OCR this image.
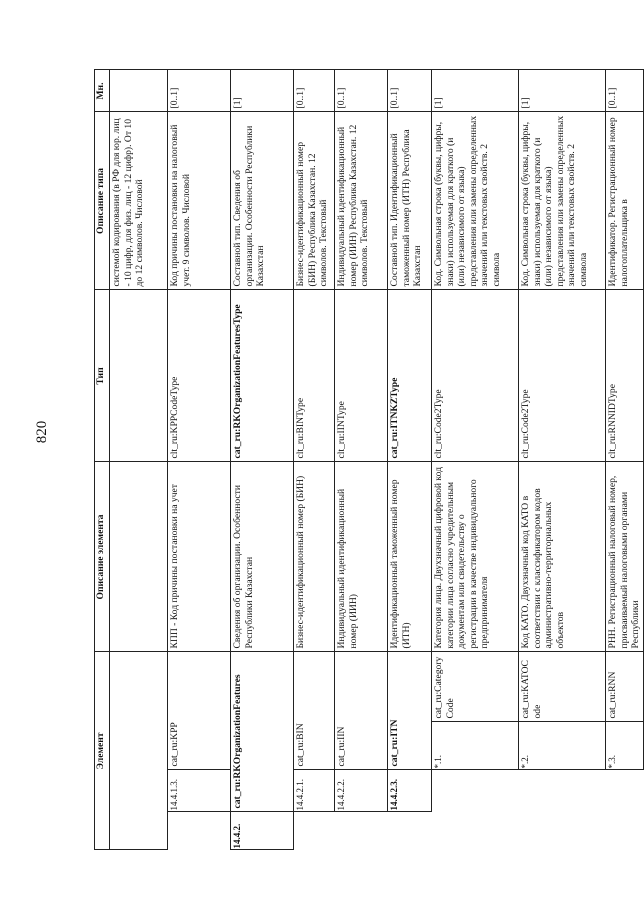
820
	Элемент				Описание элемента	Тип	Описание типа	Мн.
							системой кодирования (в РФ для юр. лиц - 10 цифр, для физ. лиц - 12 цифр). От 10 до 12 символов. Числовой	
		14.4.1.3.	cat_ru:KPP		КПП - Код причины постановки на учет	clt_ru:KPPCodeType	Код причины постановки на налоговый учет. 9 символов. Числовой	[0..1]
	14.4.2.	cat_ru:RKOrganizationFeatures			Сведения об организации. Особенности Республики Казахстан	cat_ru:RKOrganizationFeaturesType	Составной тип. Сведения об организации. Особенности Республики Казахстан	[1]
		14.4.2.1.	cat_ru:BIN		Бизнес-идентификационный номер (БИН)	clt_ru:BINType	Бизнес-идентификационный номер (БИН) Республика Казахстан. 12 символов. Текстовый	[0..1]
		14.4.2.2.	cat_ru:IIN		Индивидуальный идентификационный номер (ИИН)	clt_ru:IINType	Индивидуальный идентификационный номер (ИИН) Республика Казахстан. 12 символов. Текстовый	[0..1]
		14.4.2.3.	cat_ru:ITN		Идентификационный таможенный номер (ИТН)	cat_ru:ITNKZType	Составной тип. Идентификационный таможенный номер (ИТН) Республика Казахстан	[0..1]
			*.1.	cat_ru:CategoryCode	Категория лица. Двухзначный цифровой код категории лица согласно учредительным документам или свидетельству о регистрации в качестве индивидуального предпринимателя	clt_ru:Code2Type	Код. Символьная строка (буквы, цифры, знаки) используемая для краткого (и (или) независимого от языка) представления или замены определенных значений или текстовых свойств. 2 символа	[1]
			*.2.	cat_ru:KATOCode	Код КАТО. Двухзначный код КАТО в соответствии с классификатором кодов административно-территориальных объектов	clt_ru:Code2Type	Код. Символьная строка (буквы, цифры, знаки) используемая для краткого (и (или) независимого от языка) представления или замены определенных значений или текстовых свойств. 2 символа	[1]
			*.3.	cat_ru:RNN	РНН. Регистрационный налоговый номер, присваиваемый налоговыми органами Республики	clt_ru:RNNIDType	Идентификатор. Регистрационный номер налогоплательщика в	[0..1]
